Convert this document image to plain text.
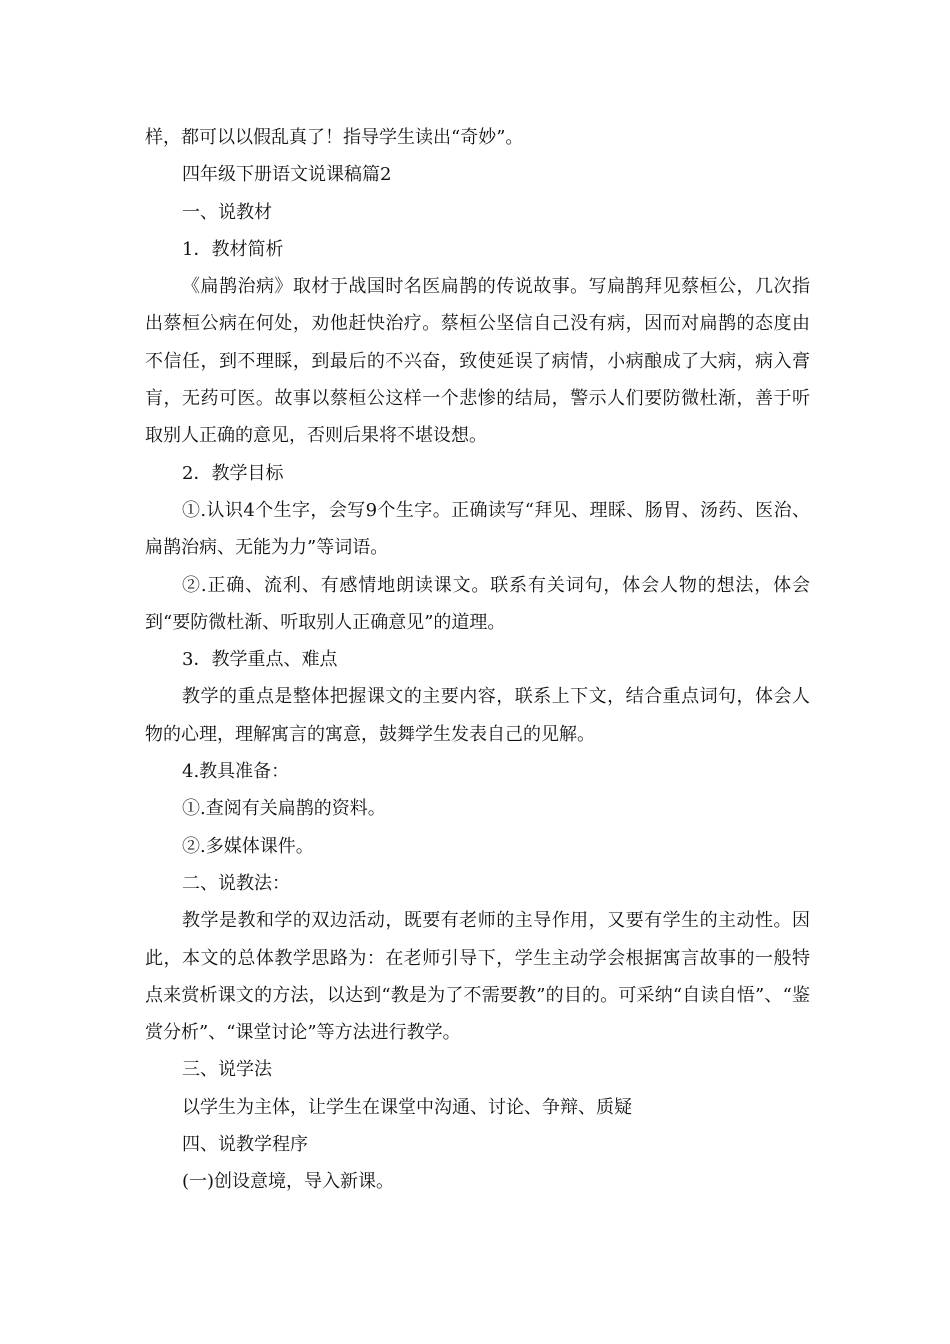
样，都可以以假乱真了！指导学生读出“奇妙”。

四年级下册语文说课稿篇2

一、说教材

1．教材简析

《扁鹊治病》取材于战国时名医扁鹊的传说故事。写扁鹊拜见蔡桓公，几次指出蔡桓公病在何处，劝他赶快治疗。蔡桓公坚信自己没有病，因而对扁鹊的态度由不信任，到不理睬，到最后的不兴奋，致使延误了病情，小病酿成了大病，病入膏肓，无药可医。故事以蔡桓公这样一个悲惨的结局，警示人们要防微杜渐，善于听取别人正确的意见，否则后果将不堪设想。

2．教学目标

①.认识4个生字，会写9个生字。正确读写“拜见、理睬、肠胃、汤药、医治、扁鹊治病、无能为力”等词语。

②.正确、流利、有感情地朗读课文。联系有关词句，体会人物的想法，体会到“要防微杜渐、听取别人正确意见”的道理。

3．教学重点、难点

教学的重点是整体把握课文的主要内容，联系上下文，结合重点词句，体会人物的心理，理解寓言的寓意，鼓舞学生发表自己的见解。

4.教具准备：

①.查阅有关扁鹊的资料。

②.多媒体课件。

二、说教法：

教学是教和学的双边活动，既要有老师的主导作用，又要有学生的主动性。因此，本文的总体教学思路为：在老师引导下，学生主动学会根据寓言故事的一般特点来赏析课文的方法，以达到“教是为了不需要教”的目的。可采纳“自读自悟”、“鉴赏分析”、“课堂讨论”等方法进行教学。

三、说学法

以学生为主体，让学生在课堂中沟通、讨论、争辩、质疑

四、说教学程序

(一)创设意境，导入新课。
